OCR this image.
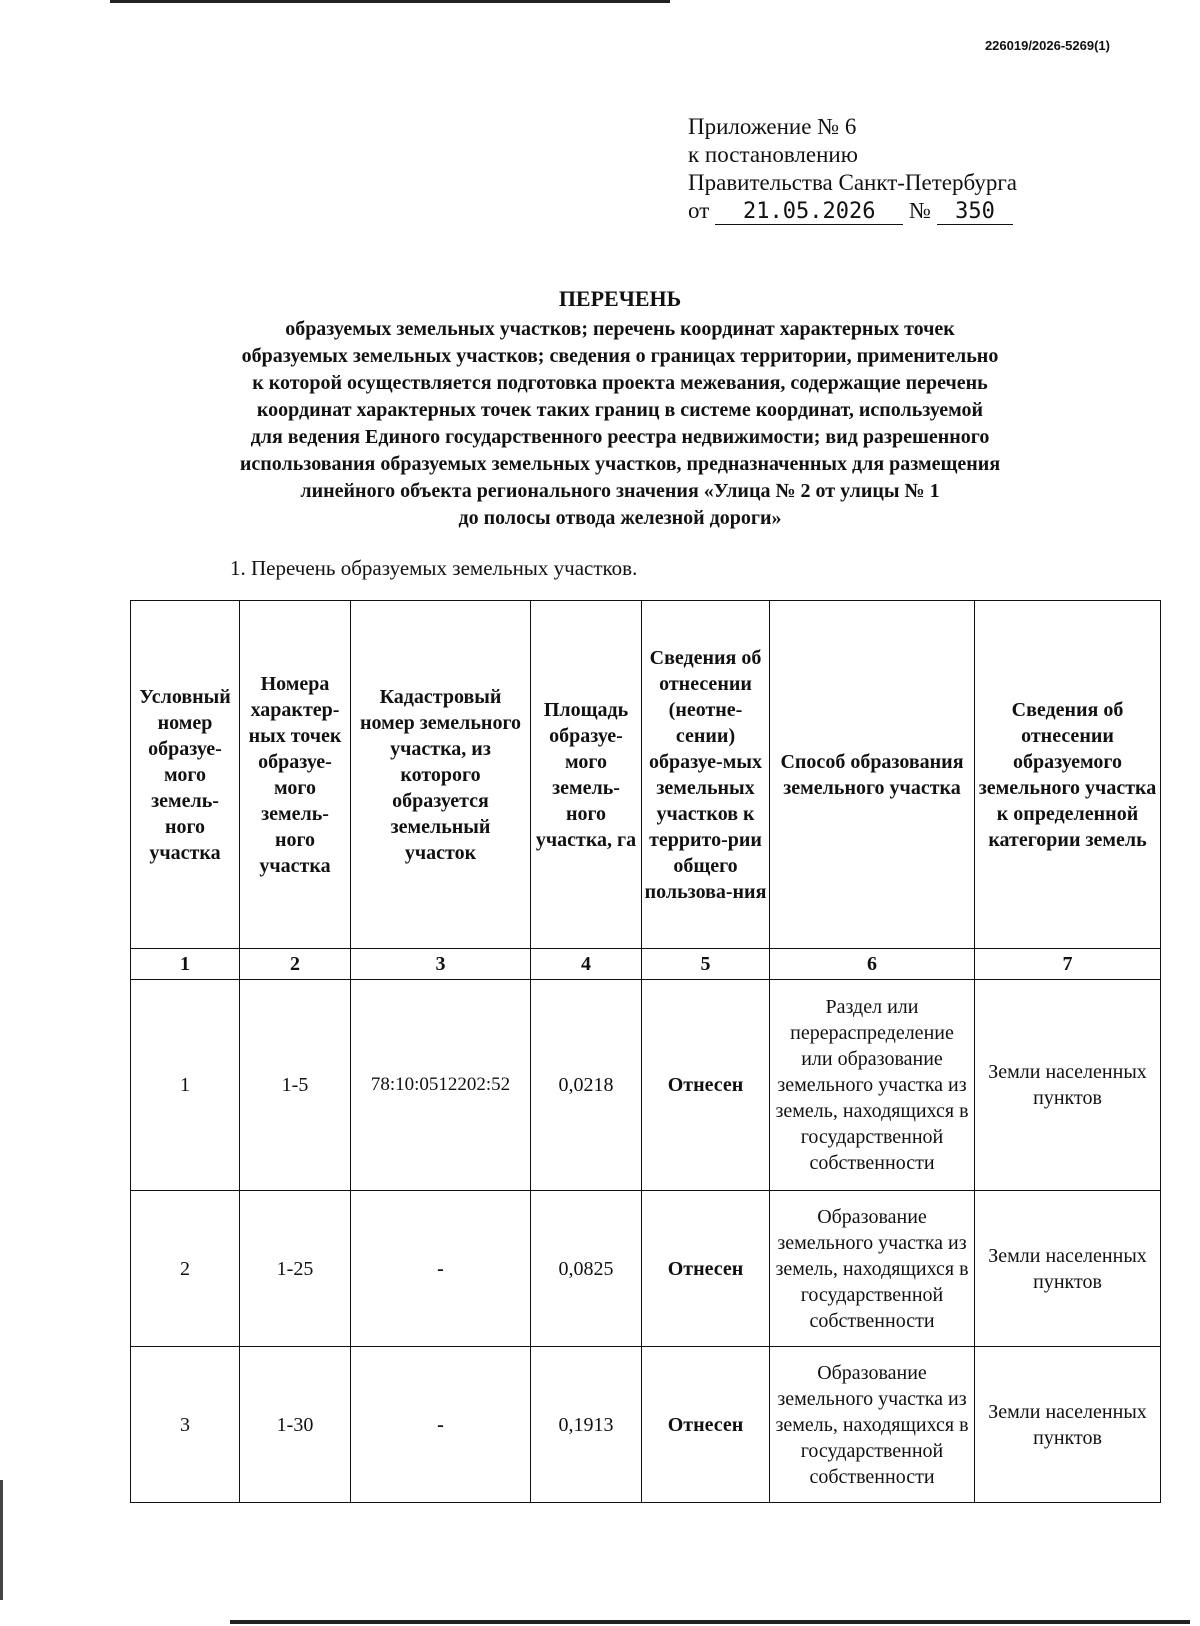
226019/2026-5269(1)
Приложение № 6
к постановлению
Правительства Санкт-Петербурга
от 21.05.2026 № 350
ПЕРЕЧЕНЬ
образуемых земельных участков; перечень координат характерных точек
образуемых земельных участков; сведения о границах территории, применительно
к которой осуществляется подготовка проекта межевания, содержащие перечень
координат характерных точек таких границ в системе координат, используемой
для ведения Единого государственного реестра недвижимости; вид разрешенного
использования образуемых земельных участков, предназначенных для размещения
линейного объекта регионального значения «Улица № 2 от улицы № 1
до полосы отвода железной дороги»
1. Перечень образуемых земельных участков.
Условный номер образуе-мого земель-ного участка	Номера характер-ных точек образуе-мого земель-ного участка	Кадастровый номер земельного участка, из которого образуется земельный участок	Площадь образуе-мого земель-ного участка, га	Сведения об отнесении (неотне-сении) образуе-мых земельных участков к террито-рии общего пользова-ния	Способ образования земельного участка	Сведения об отнесении образуемого земельного участка к определенной категории земель
1	2	3	4	5	6	7
1	1-5	78:10:0512202:52	0,0218	Отнесен	Раздел или перераспределение или образование земельного участка из земель, находящихся в государственной собственности	Земли населенных пунктов
2	1-25	-	0,0825	Отнесен	Образование земельного участка из земель, находящихся в государственной собственности	Земли населенных пунктов
3	1-30	-	0,1913	Отнесен	Образование земельного участка из земель, находящихся в государственной собственности	Земли населенных пунктов
